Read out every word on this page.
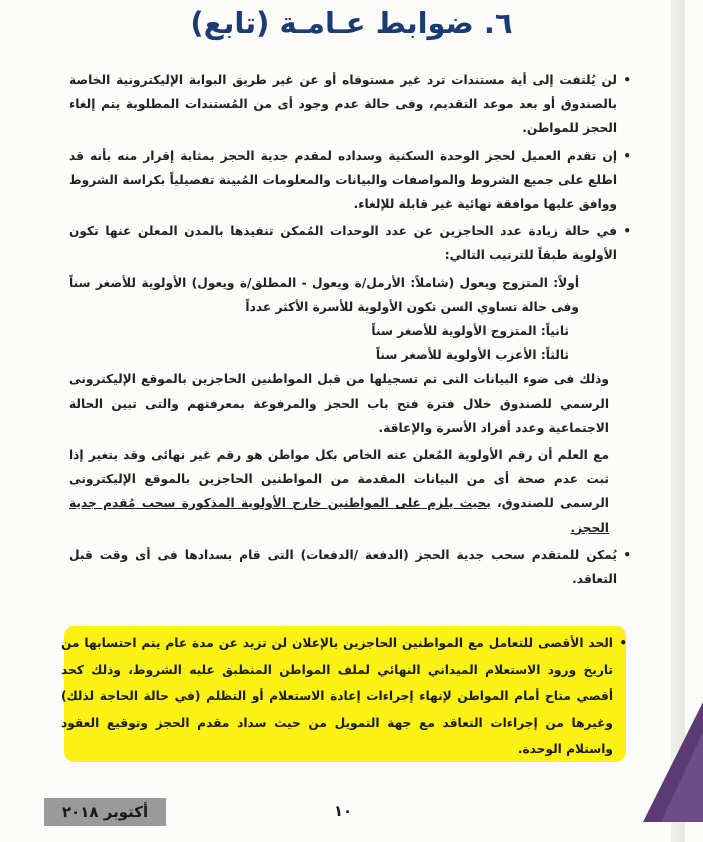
٦. ضوابط عـامـة (تابع)

•
لن يُلتفت إلى أية مستندات ترد غير مستوفاه أو عن غير طريق البوابة الإليكترونية الخاصة بالصندوق أو بعد موعد التقديم، وفى حالة عدم وجود أى من المُستندات المطلوبة يتم إلغاء الحجز للمواطن.

•
إن تقدم العميل لحجز الوحدة السكنية وسداده لمقدم جدية الحجز بمثابة إقرار منه بأنه قد اطلع على جميع الشروط والمواصفات والبيانات والمعلومات المُبينة تفصيلياً بكراسة الشروط ووافق عليها موافقة نهائية غير قابلة للإلغاء.

•
في حالة زيادة عدد الحاجزين عن عدد الوحدات المُمكن تنفيذها بالمدن المعلن عنها تكون الأولوية طبقاً للترتيب التالي:

أولاً: المتزوج ويعول (شاملاً: الأرمل/ة ويعول - المطلق/ة ويعول) الأولوية للأصغر سناً وفى حالة تساوي السن تكون الأولوية للأسرة الأكثر عدداً

ثانياً: المتزوج الأولوية للأصغر سناً

ثالثاً: الأعزب الأولوية للأصغر سناً

وذلك فى ضوء البيانات التى تم تسجيلها من قبل المواطنين الحاجزين بالموقع الإليكترونى الرسمي للصندوق خلال فترة فتح باب الحجز والمرفوعة بمعرفتهم والتى تبين الحالة الاجتماعية وعدد أفراد الأسرة والإعاقة.

مع العلم أن رقم الأولوية المُعلن عنه الخاص بكل مواطن هو رقم غير نهائى وقد يتغير إذا ثبت عدم صحة أى من البيانات المقدمة من المواطنين الحاجزين بالموقع الإليكترونى الرسمى للصندوق، بحيث يلزم على المواطنين خارج الأولوية المذكورة سحب مُقدم جدية الحجز.

•
يُمكن للمتقدم سحب جدية الحجز (الدفعة /الدفعات) التى قام بسدادها فى أى وقت قبل التعاقد.

•
الحد الأقصى للتعامل مع المواطنين الحاجزين بالإعلان لن تزيد عن مدة عام يتم احتسابها من تاريخ ورود الاستعلام الميداني النهائي لملف المواطن المنطبق عليه الشروط، وذلك كحد أقصي متاح أمام المواطن لإنهاء إجراءات إعادة الاستعلام أو التظلم (في حالة الحاجة لذلك) وغيرها من إجراءات التعاقد مع جهة التمويل من حيث سداد مقدم الحجز وتوقيع العقود واستلام الوحدة.

١٠
أكتوبر ٢٠١٨
